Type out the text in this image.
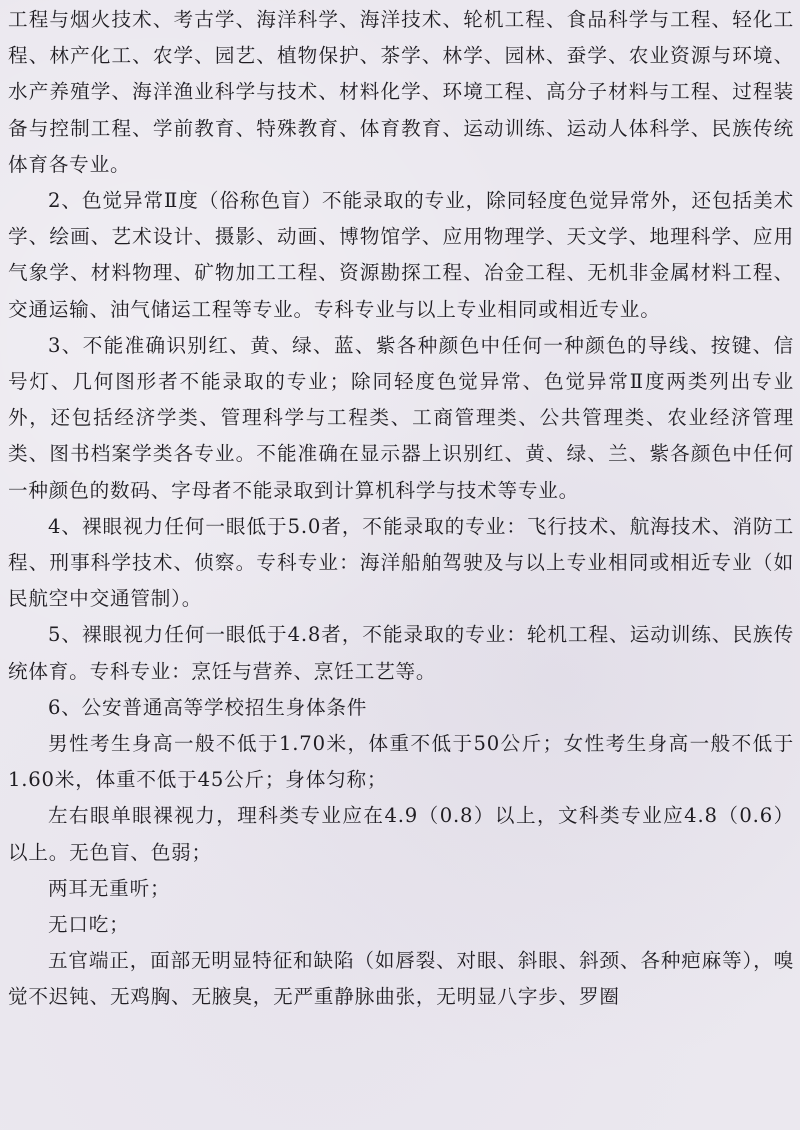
工程与烟火技术、考古学、海洋科学、海洋技术、轮机工程、食品科学与工程、轻化工程、林产化工、农学、园艺、植物保护、茶学、林学、园林、蚕学、农业资源与环境、水产养殖学、海洋渔业科学与技术、材料化学、环境工程、高分子材料与工程、过程装备与控制工程、学前教育、特殊教育、体育教育、运动训练、运动人体科学、民族传统体育各专业。

2、色觉异常Ⅱ度（俗称色盲）不能录取的专业，除同轻度色觉异常外，还包括美术学、绘画、艺术设计、摄影、动画、博物馆学、应用物理学、天文学、地理科学、应用气象学、材料物理、矿物加工工程、资源勘探工程、冶金工程、无机非金属材料工程、交通运输、油气储运工程等专业。专科专业与以上专业相同或相近专业。

3、不能准确识别红、黄、绿、蓝、紫各种颜色中任何一种颜色的导线、按键、信号灯、几何图形者不能录取的专业；除同轻度色觉异常、色觉异常Ⅱ度两类列出专业外，还包括经济学类、管理科学与工程类、工商管理类、公共管理类、农业经济管理类、图书档案学类各专业。不能准确在显示器上识别红、黄、绿、兰、紫各颜色中任何一种颜色的数码、字母者不能录取到计算机科学与技术等专业。

4、裸眼视力任何一眼低于5.0者，不能录取的专业：飞行技术、航海技术、消防工程、刑事科学技术、侦察。专科专业：海洋船舶驾驶及与以上专业相同或相近专业（如民航空中交通管制）。

5、裸眼视力任何一眼低于4.8者，不能录取的专业：轮机工程、运动训练、民族传统体育。专科专业：烹饪与营养、烹饪工艺等。

6、公安普通高等学校招生身体条件

男性考生身高一般不低于1.70米，体重不低于50公斤；女性考生身高一般不低于1.60米，体重不低于45公斤；身体匀称；

左右眼单眼裸视力，理科类专业应在4.9（0.8）以上，文科类专业应4.8（0.6）以上。无色盲、色弱；

两耳无重听；

无口吃；

五官端正，面部无明显特征和缺陷（如唇裂、对眼、斜眼、斜颈、各种疤麻等），嗅觉不迟钝、无鸡胸、无腋臭，无严重静脉曲张，无明显八字步、罗圈
